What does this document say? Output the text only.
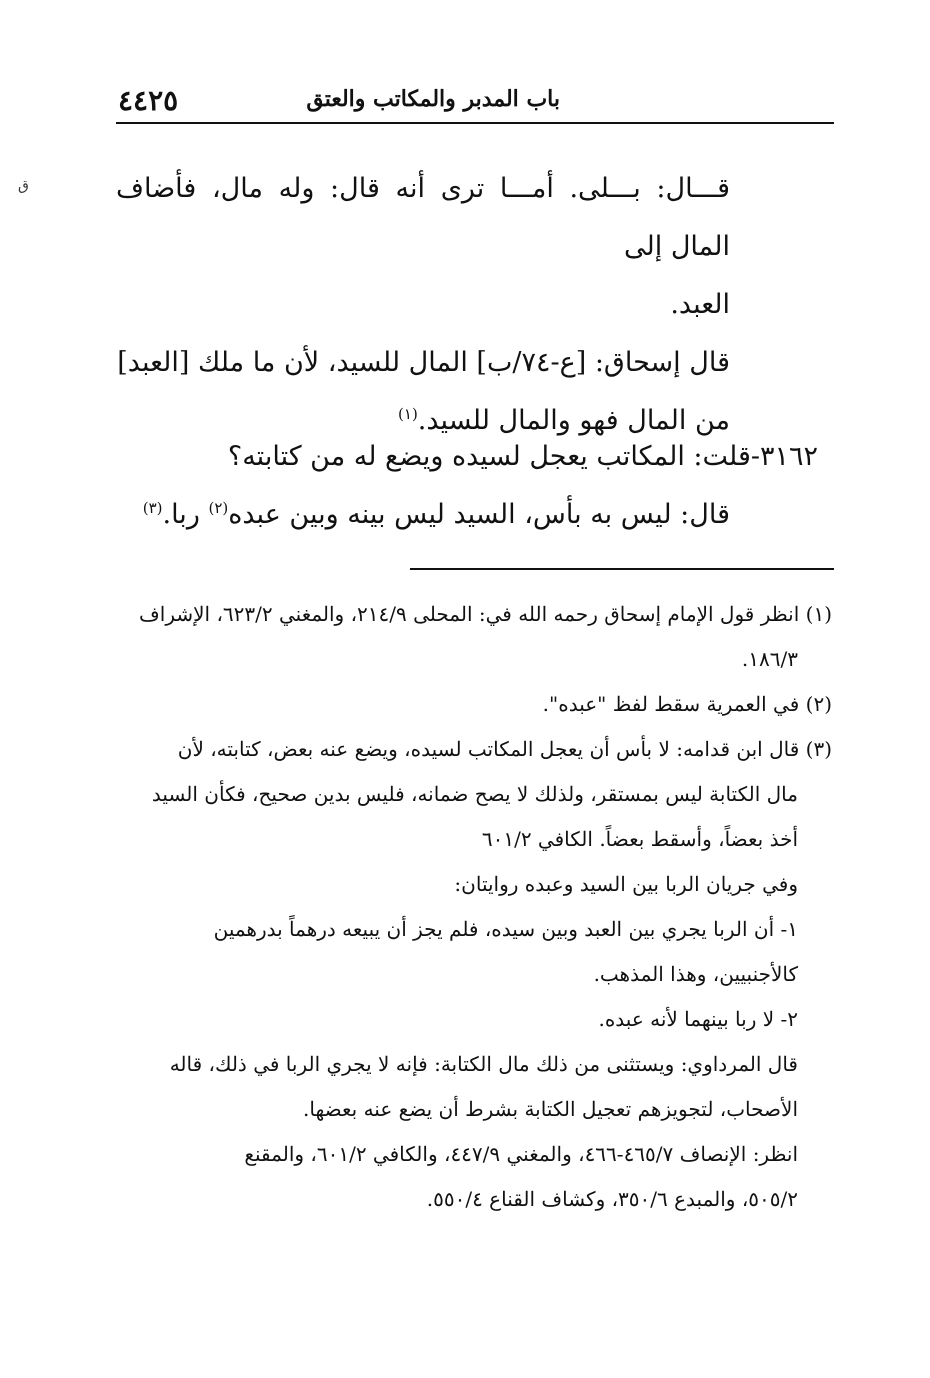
باب المدبر والمكاتب والعتق
٤٤٢٥
ق	قـــال: بـــلى. أمـــا ترى أنه قال: وله مال، فأضاف المال إلى

العبد.

قال إسحاق: [ع-٧٤/ب] المال للسيد، لأن ما ملك [العبد]

من المال فهو والمال للسيد.$^{(١)}$

٣١٦٢-قلت: المكاتب يعجل لسيده ويضع له من كتابته؟

قال: ليس به بأس، السيد ليس بينه وبين عبده$^{(٢)}$ ربا.$^{(٣)}$

(١) انظر قول الإمام إسحاق رحمه الله في: المحلى ٢١٤/٩، والمغني ٦٢٣/٢، الإشراف

١٨٦/٣.

(٢) في العمرية سقط لفظ "عبده".

(٣) قال ابن قدامه: لا بأس أن يعجل المكاتب لسيده، ويضع عنه بعض، كتابته، لأن

مال الكتابة ليس بمستقر، ولذلك لا يصح ضمانه، فليس بدين صحيح، فكأن السيد

أخذ بعضاً، وأسقط بعضاً. الكافي ٦٠١/٢

وفي جريان الربا بين السيد وعبده روايتان:

١- أن الربا يجري بين العبد وبين سيده، فلم يجز أن يبيعه درهماً بدرهمين

كالأجنبيين، وهذا المذهب.

٢- لا ربا بينهما لأنه عبده.

قال المرداوي: ويستثنى من ذلك مال الكتابة: فإنه لا يجري الربا في ذلك، قاله

الأصحاب، لتجويزهم تعجيل الكتابة بشرط أن يضع عنه بعضها.

انظر: الإنصاف ٤٦٥/٧-٤٦٦، والمغني ٤٤٧/٩، والكافي ٦٠١/٢، والمقنع

٥٠٥/٢، والمبدع ٣٥٠/٦، وكشاف القناع ٥٥٠/٤.
